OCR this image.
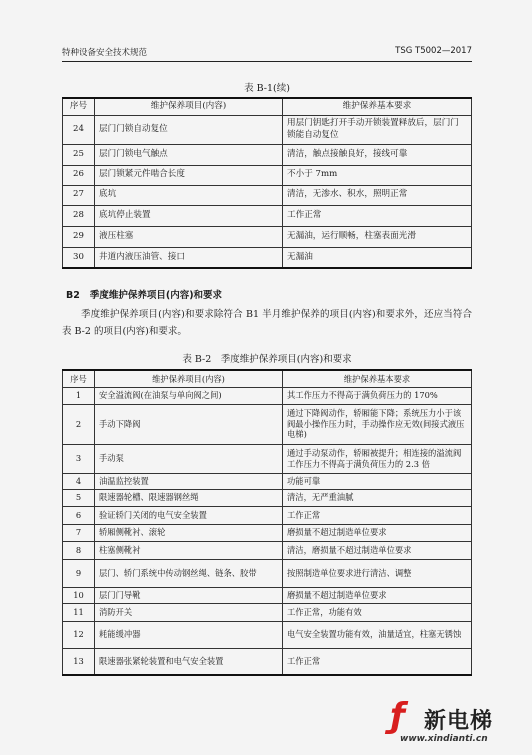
特种设备安全技术规范	TSG T5002—2017
表 B-1(续)
序号	维护保养项目(内容)	维护保养基本要求
24	层门门锁自动复位	用层门钥匙打开手动开锁装置释放后，层门门锁能自动复位
25	层门门锁电气触点	清洁，触点接触良好，接线可靠
26	层门锁紧元件啮合长度	不小于 7mm
27	底坑	清洁，无渗水、积水，照明正常
28	底坑停止装置	工作正常
29	液压柱塞	无漏油，运行顺畅，柱塞表面光滑
30	井道内液压油管、接口	无漏油
B2 季度维护保养项目(内容)和要求
季度维护保养项目(内容)和要求除符合 B1 半月维护保养的项目(内容)和要求外，还应当符合表 B-2 的项目(内容)和要求。
表 B-2　季度维护保养项目(内容)和要求
序号	维护保养项目(内容)	维护保养基本要求
1	安全溢流阀(在油泵与单向阀之间)	其工作压力不得高于满负荷压力的 170%
2	手动下降阀	通过下降阀动作，轿厢能下降；系统压力小于该阀最小操作压力时，手动操作应无效(间接式液压电梯)
3	手动泵	通过手动泵动作，轿厢被提升；相连接的溢流阀工作压力不得高于满负荷压力的 2.3 倍
4	油温监控装置	功能可靠
5	限速器轮槽、限速器钢丝绳	清洁，无严重油腻
6	验证轿门关闭的电气安全装置	工作正常
7	轿厢侧靴衬、滚轮	磨损量不超过制造单位要求
8	柱塞侧靴衬	清洁，磨损量不超过制造单位要求
9	层门、轿门系统中传动钢丝绳、链条、胶带	按照制造单位要求进行清洁、调整
10	层门门导靴	磨损量不超过制造单位要求
11	消防开关	工作正常，功能有效
12	耗能缓冲器	电气安全装置功能有效，油量适宜，柱塞无锈蚀
13	限速器张紧轮装置和电气安全装置	工作正常
ƒ 新电梯
www.xindianti.cn
